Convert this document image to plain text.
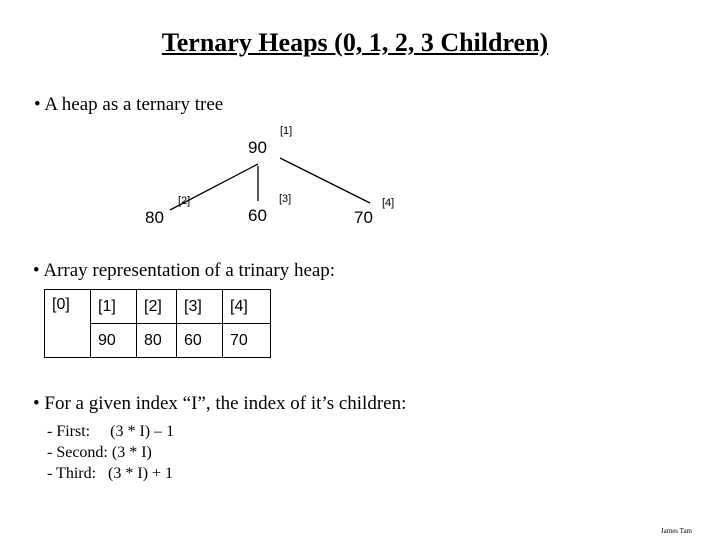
Ternary Heaps (0, 1, 2, 3 Children)
• A heap as a ternary tree
90
[1]
80
[2]
60
[3]
70
[4]
• Array representation of a trinary heap:
[0]	[1]	[2]	[3]	[4]
	90	80	60	70
• For a given index “I”, the index of it’s children:
- First:     (3 * I) – 1
- Second: (3 * I)
- Third:   (3 * I) + 1
James Tam
